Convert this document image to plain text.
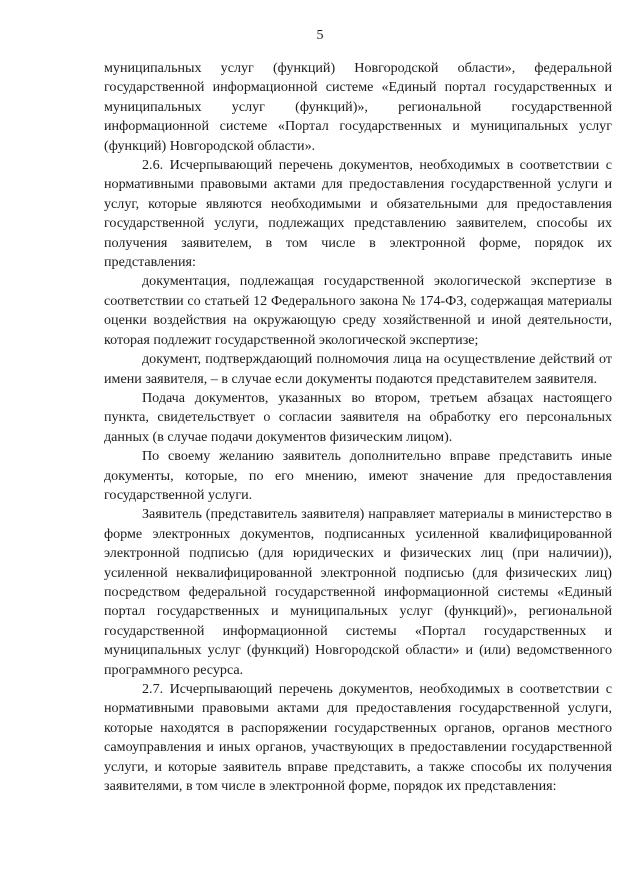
5

муниципальных услуг (функций) Новгородской области», федеральной государственной информационной системе «Единый портал государственных и муниципальных услуг (функций)», региональной государственной информационной системе «Портал государственных и муниципальных услуг (функций) Новгородской области».

2.6. Исчерпывающий перечень документов, необходимых в соответствии с нормативными правовыми актами для предоставления государственной услуги и услуг, которые являются необходимыми и обязательными для предоставления государственной услуги, подлежащих представлению заявителем, способы их получения заявителем, в том числе в электронной форме, порядок их представления:

документация, подлежащая государственной экологической экспертизе в соответствии со статьей 12 Федерального закона № 174-ФЗ, содержащая материалы оценки воздействия на окружающую среду хозяйственной и иной деятельности, которая подлежит государственной экологической экспертизе;

документ, подтверждающий полномочия лица на осуществление действий от имени заявителя, – в случае если документы подаются представителем заявителя.

Подача документов, указанных во втором, третьем абзацах настоящего пункта, свидетельствует о согласии заявителя на обработку его персональных данных (в случае подачи документов физическим лицом).

По своему желанию заявитель дополнительно вправе представить иные документы, которые, по его мнению, имеют значение для предоставления государственной услуги.

Заявитель (представитель заявителя) направляет материалы в министерство в форме электронных документов, подписанных усиленной квалифицированной электронной подписью (для юридических и физических лиц (при наличии)), усиленной неквалифицированной электронной подписью (для физических лиц) посредством федеральной государственной информационной системы «Единый портал государственных и муниципальных услуг (функций)», региональной государственной информационной системы «Портал государственных и муниципальных услуг (функций) Новгородской области» и (или) ведомственного программного ресурса.

2.7. Исчерпывающий перечень документов, необходимых в соответствии с нормативными правовыми актами для предоставления государственной услуги, которые находятся в распоряжении государственных органов, органов местного самоуправления и иных органов, участвующих в предоставлении государственной услуги, и которые заявитель вправе представить, а также способы их получения заявителями, в том числе в электронной форме, порядок их представления:
